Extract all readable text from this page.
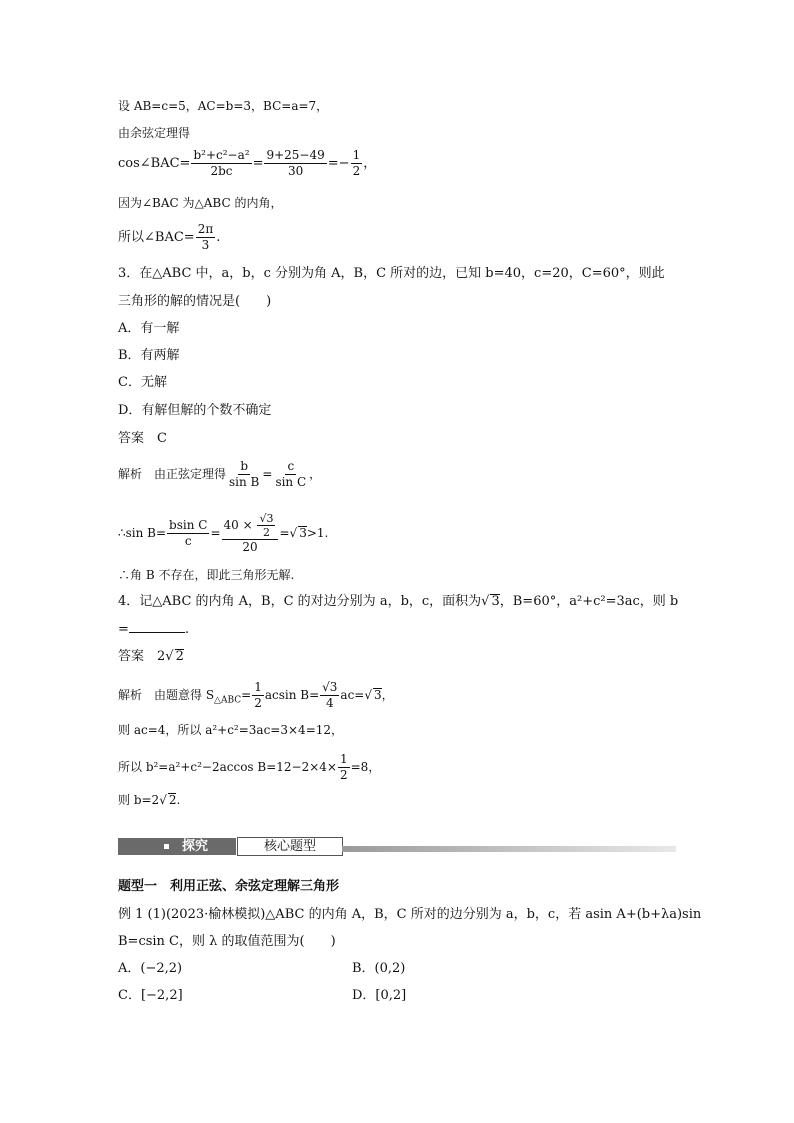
设 AB=c=5，AC=b=3，BC=a=7，
由余弦定理得
cos∠BAC= $\frac{\text{b²+c²−a²}}{2bc} = \frac{9+25-49}{30} =- \frac{1}{2}$ ，
因为∠BAC 为△ABC 的内角，
所以∠BAC= $\frac{2\pi}{3}$ .
3．在△ABC 中，a，b，c 分别为角 A，B，C 所对的边，已知 b=40，c=20，C=60°，则此
三角形的解的情况是(　　)
A．有一解
B．有两解
C．无解
D．有解但解的个数不确定
答案　C
解析　由正弦定理得 $\frac{b}{\text{sin B}} = \frac{c}{\text{sin C}}$ ，
∴sin $B= \frac{\text{bsin C}}{c} = \frac{40 \times \frac{√3}{2}}{20}$ =√ 3>1.
∴角 B 不存在，即此三角形无解.
4．记△ABC 的内角 A，B，C 的对边分别为 a，b，c，面积为√ 3，B=60°，a²+c²=3ac，则 b
=	.
答案　2√ 2
解析　由题意得 $S_{\triangle ABC}= \frac{1}{2}$ acsin $B= \frac{√3}{4} ac=√$ 3，
则 ac=4，所以 a²+c²=3ac=3×4=12，
所以 b²=a²+c²−2accos $B=12-2\times 4\times \frac{1}{2} =8$，
则 b=2√ 2.
探究	核心题型
题型一　利用正弦、余弦定理解三角形
例 1 (1)(2023·榆林模拟)△ABC 的内角 A，B，C 所对的边分别为 a，b，c，若 asin A+(b+λa)sin
B=csin C，则 λ 的取值范围为(　　)
A．(−2,2)	B．(0,2)
C．[−2,2]	D．[0,2]
